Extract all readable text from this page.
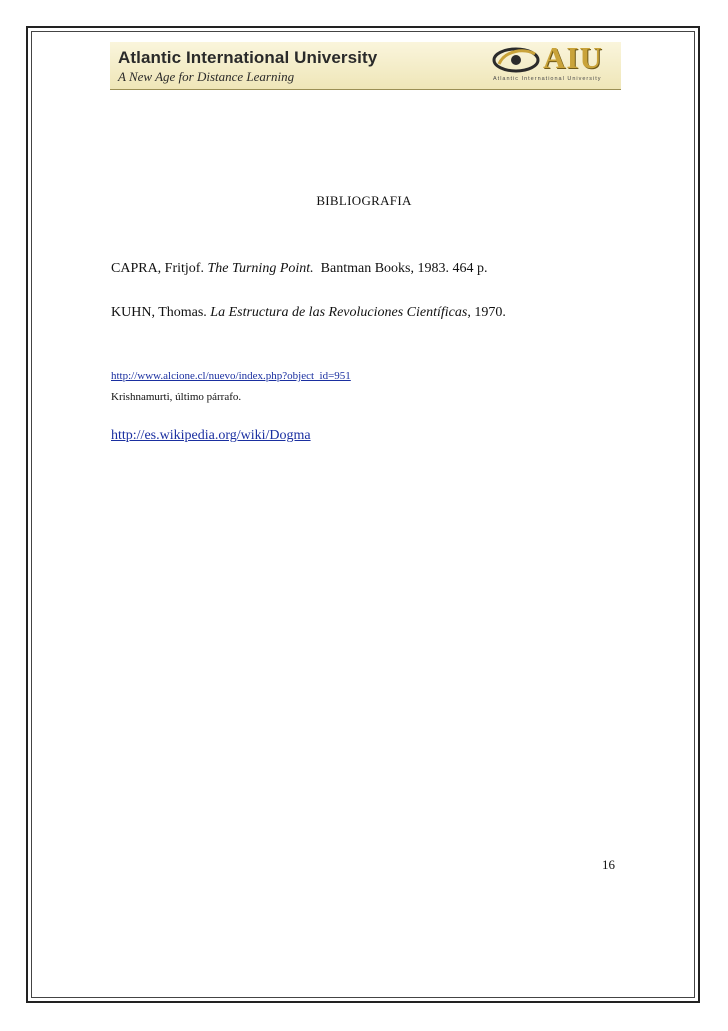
Atlantic International University
A New Age for Distance Learning
AIU
Atlantic International University
BIBLIOGRAFIA
CAPRA, Fritjof. The Turning Point.  Bantman Books, 1983. 464 p.
KUHN, Thomas. La Estructura de las Revoluciones Científicas, 1970.
http://www.alcione.cl/nuevo/index.php?object_id=951
Krishnamurti, último párrafo.
http://es.wikipedia.org/wiki/Dogma
16
